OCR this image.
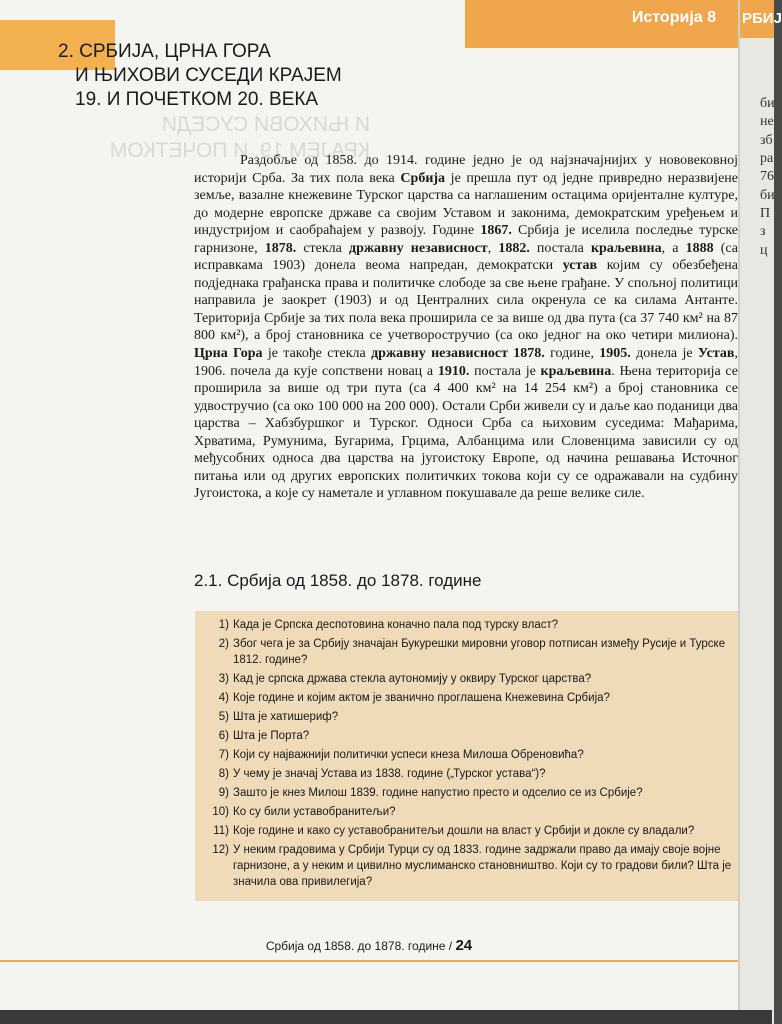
Историја 8
И ЊИХОВИ СУСЕДИ
КРАЈЕМ 19. И ПОЧЕТКОМ
2. СРБИЈА, ЦРНА ГОРА
И ЊИХОВИ СУСЕДИ КРАЈЕМ
19. И ПОЧЕТКОМ 20. ВЕКА

Раздобље од 1858. до 1914. године једно је од најзначајнијих у нововековној историји Срба. За тих пола века Србија је прешла пут од једне привредно неразвијене земље, вазалне кнежевине Турског царства са наглашеним остацима оријенталне културе, до модерне европске државе са својим Уставом и законима, демократским уређењем и индустријом и саобраћајем у развоју. Године 1867. Србија је иселила последње турске гарнизоне, 1878. стекла државну независност, 1882. постала краљевина, а 1888 (са исправкама 1903) донела веома напредан, демократски устав којим су обезбеђена подједнака грађанска права и политичке слободе за све њене грађане. У спољној политици направила је заокрет (1903) и од Централних сила окренула се ка силама Антанте. Територија Србије за тих пола века проширила се за више од два пута (са 37 740 км² на 87 800 км²), а број становника се учетворостручио (са око једног на око четири милиона). Црна Гора је такође стекла државну независност 1878. године, 1905. донела је Устав, 1906. почела да кује сопствени новац а 1910. постала је краљевина. Њена територија се проширила за више од три пута (са 4 400 км² на 14 254 км²) а број становника се удвостручио (са око 100 000 на 200 000). Остали Срби живели су и даље као поданици два царства – Хабзбуршког и Турског. Односи Срба са њиховим суседима: Мађарима, Хрватима, Румунима, Бугарима, Грцима, Албанцима или Словенцима зависили су од међусобних односа два царства на југоистоку Европе, од начина решавања Источног питања или од других европских политичких токова који су се одражавали на судбину Југоистока, а које су наметале и углавном покушавале да реше велике силе.

2.1. Србија од 1858. до 1878. године
1) Када је Српска деспотовина коначно пала под турску власт?
2) Због чега је за Србију значајан Букурешки мировни уговор потписан између Русије и Турске 1812. године?
3) Кад је српска држава стекла аутономију у оквиру Турског царства?
4) Које године и којим актом је званично проглашена Кнежевина Србија?
5) Шта је хатишериф?
6) Шта је Порта?
7) Који су најважнији политички успеси кнеза Милоша Обреновића?
8) У чему је значај Устава из 1838. године („Турског устава“)?
9) Зашто је кнез Милош 1839. године напустио престо и одселио се из Србије?
10) Ко су били уставобранитељи?
11) Које године и како су уставобранитељи дошли на власт у Србији и докле су владали?
12) У неким градовима у Србији Турци су од 1833. године задржали право да имају своје војне гарнизоне, а у неким и цивилно муслиманско становништво. Који су то градови били? Шта је значила ова привилегија?
Србија од 1858. до 1878. године / 24
РБИЈ
би
не
зб
ра
76
би
П
з
ц
